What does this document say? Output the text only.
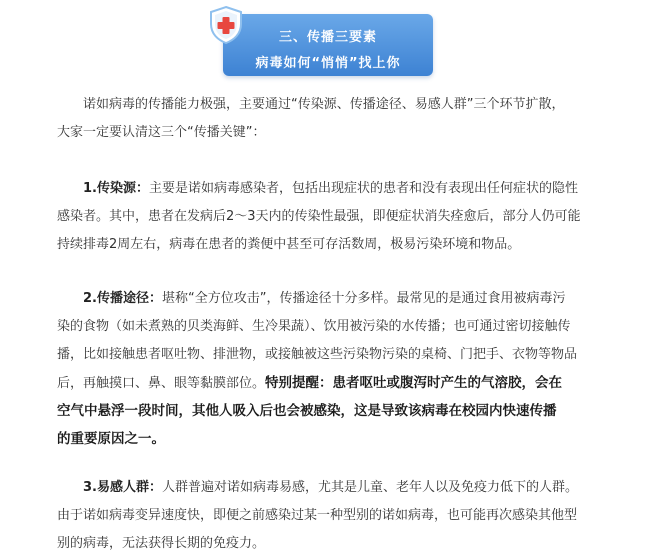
三、传播三要素
病毒如何“悄悄”找上你
诺如病毒的传播能力极强，主要通过“传染源、传播途径、易感人群”三个环节扩散，
大家一定要认清这三个“传播关键”：
1.传染源：主要是诺如病毒感染者，包括出现症状的患者和没有表现出任何症状的隐性
感染者。其中，患者在发病后2～3天内的传染性最强，即便症状消失痊愈后，部分人仍可能
持续排毒2周左右，病毒在患者的粪便中甚至可存活数周，极易污染环境和物品。
2.传播途径：堪称“全方位攻击”，传播途径十分多样。最常见的是通过食用被病毒污
染的食物（如未煮熟的贝类海鲜、生冷果蔬）、饮用被污染的水传播；也可通过密切接触传
播，比如接触患者呕吐物、排泄物，或接触被这些污染物污染的桌椅、门把手、衣物等物品
后，再触摸口、鼻、眼等黏膜部位。特别提醒：患者呕吐或腹泻时产生的气溶胶，会在
空气中悬浮一段时间，其他人吸入后也会被感染，这是导致该病毒在校园内快速传播
的重要原因之一。
3.易感人群：人群普遍对诺如病毒易感，尤其是儿童、老年人以及免疫力低下的人群。
由于诺如病毒变异速度快，即便之前感染过某一种型别的诺如病毒，也可能再次感染其他型
别的病毒，无法获得长期的免疫力。
